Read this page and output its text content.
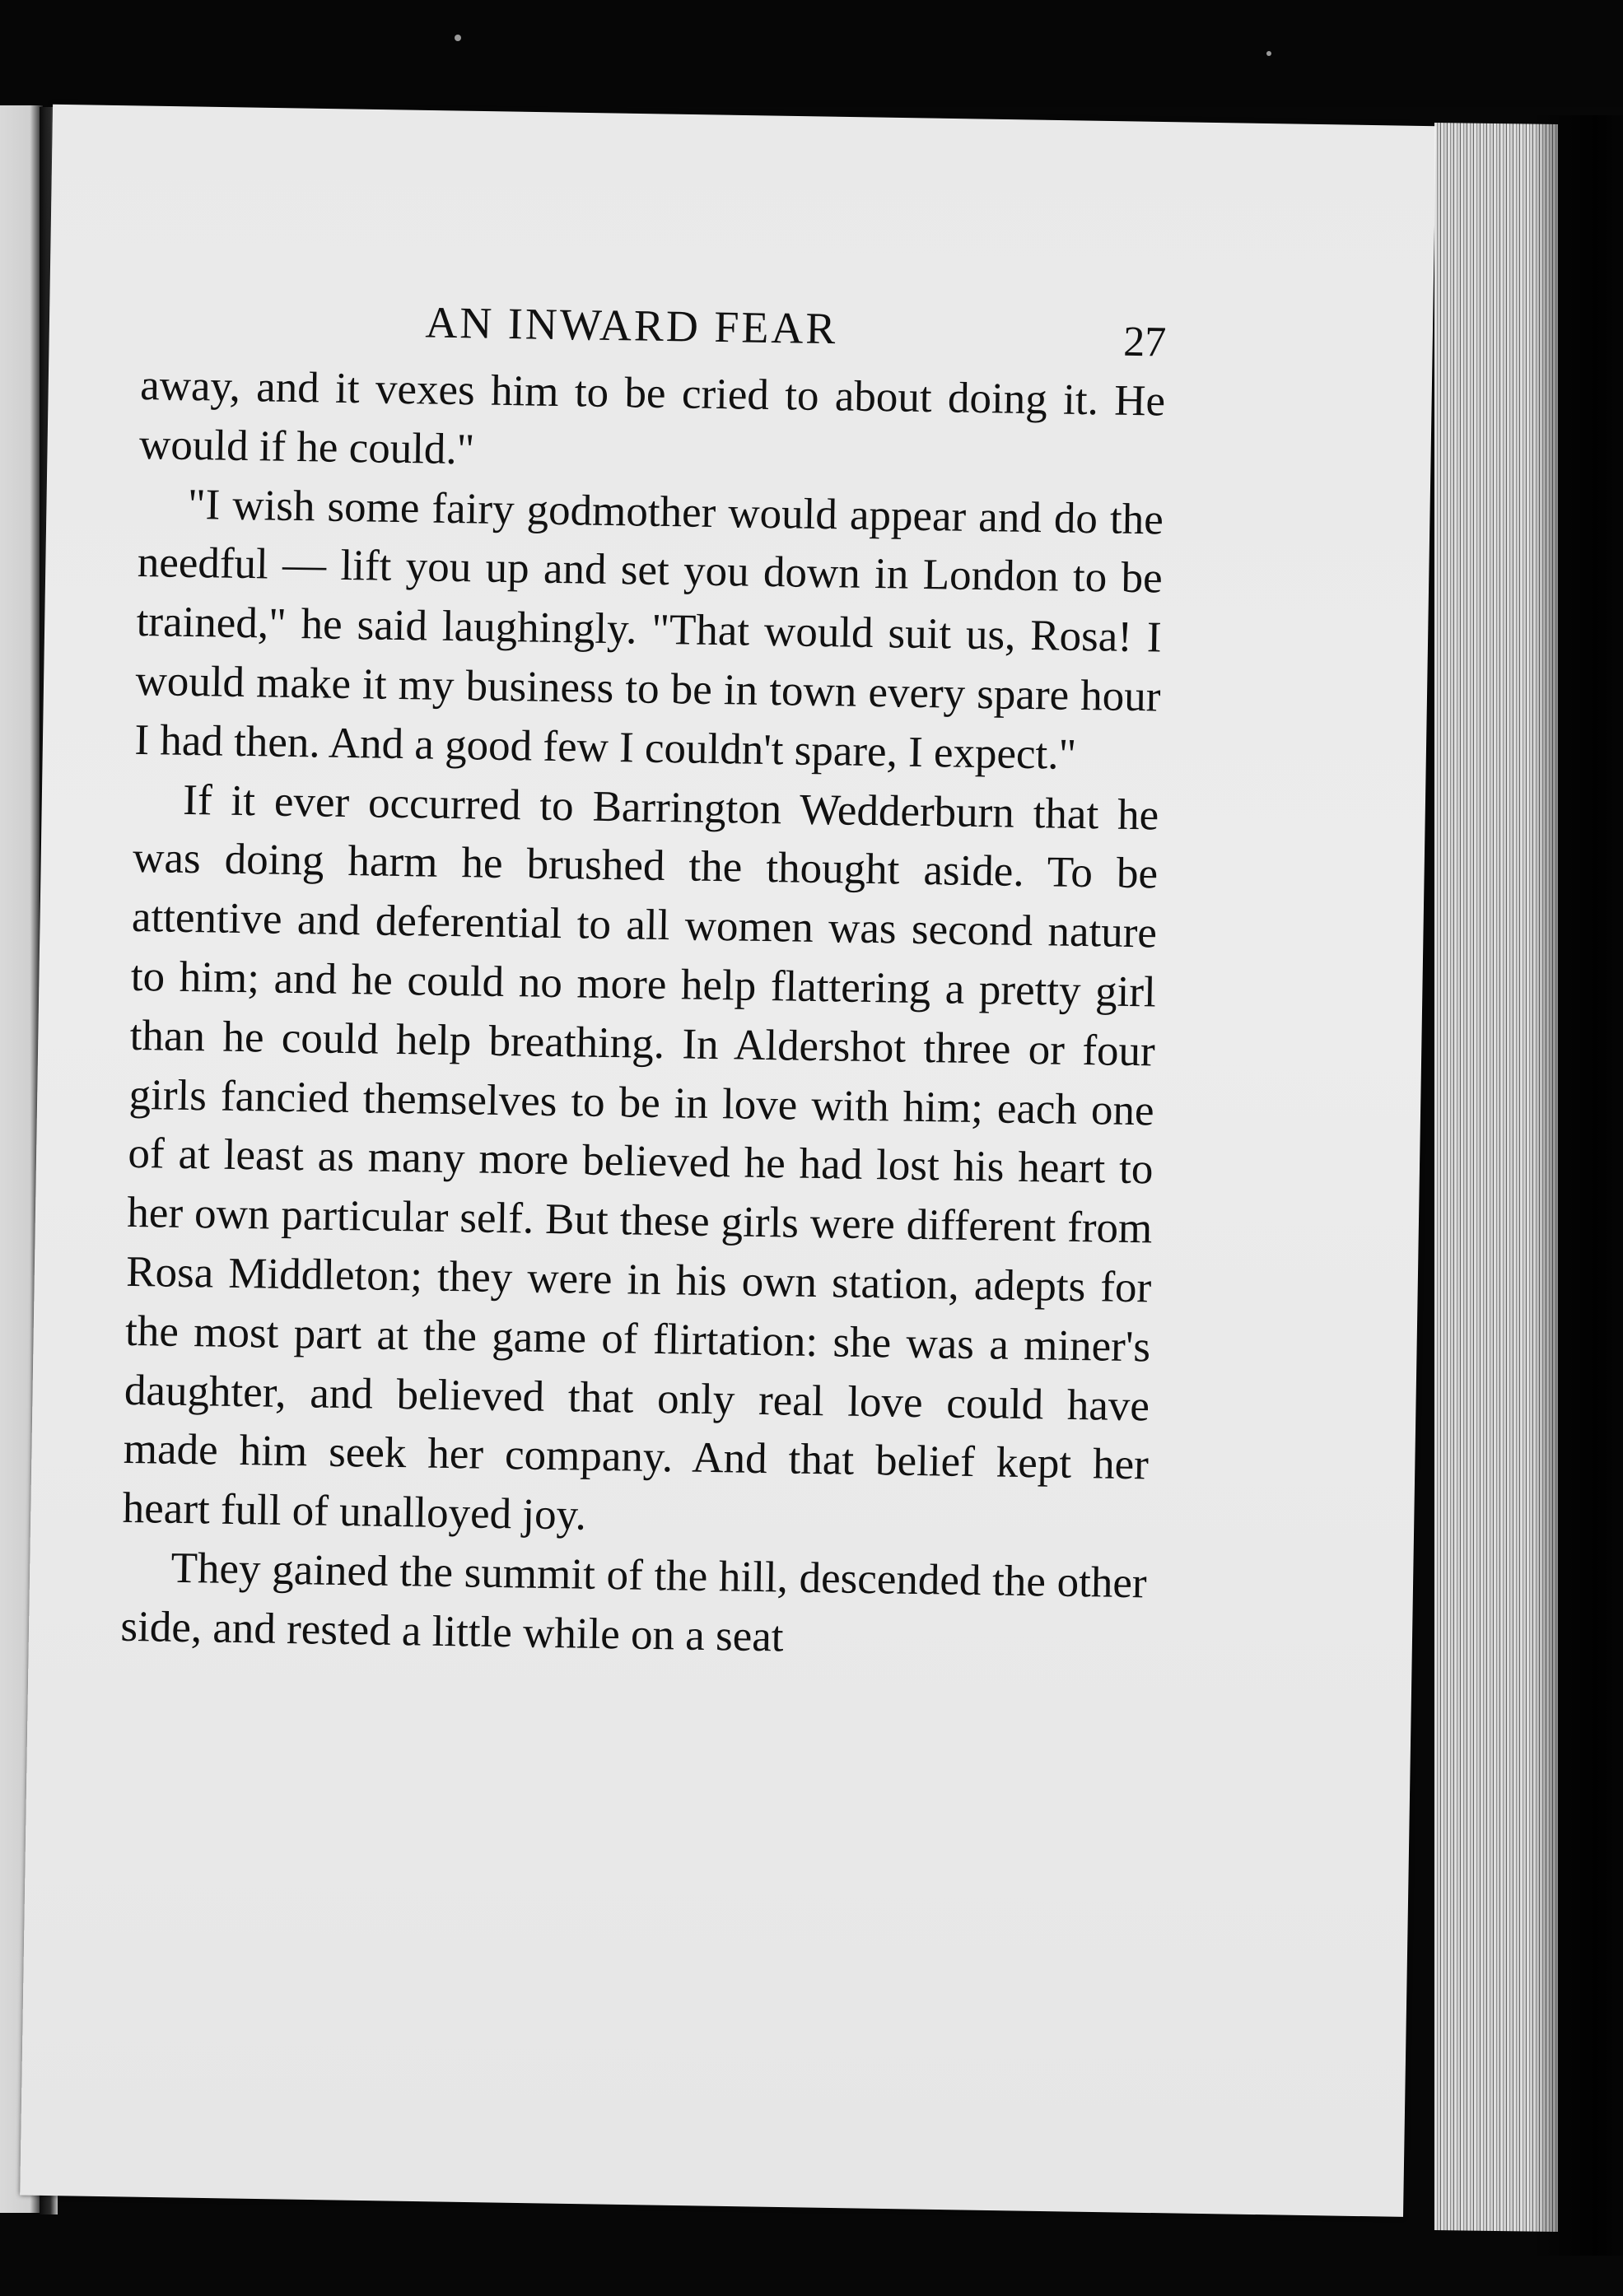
AN INWARD FEAR	27

away, and it vexes him to be cried to about doing it. He would if he could."

"I wish some fairy godmother would appear and do the needful — lift you up and set you down in London to be trained," he said laughingly. "That would suit us, Rosa! I would make it my business to be in town every spare hour I had then. And a good few I couldn't spare, I expect."

If it ever occurred to Barrington Wedderburn that he was doing harm he brushed the thought aside. To be attentive and deferential to all women was second nature to him; and he could no more help flattering a pretty girl than he could help breathing. In Aldershot three or four girls fancied themselves to be in love with him; each one of at least as many more believed he had lost his heart to her own particular self. But these girls were different from Rosa Middleton; they were in his own station, adepts for the most part at the game of flirtation: she was a miner's daughter, and believed that only real love could have made him seek her company. And that belief kept her heart full of unalloyed joy.

They gained the summit of the hill, descended the other side, and rested a little while on a seat
